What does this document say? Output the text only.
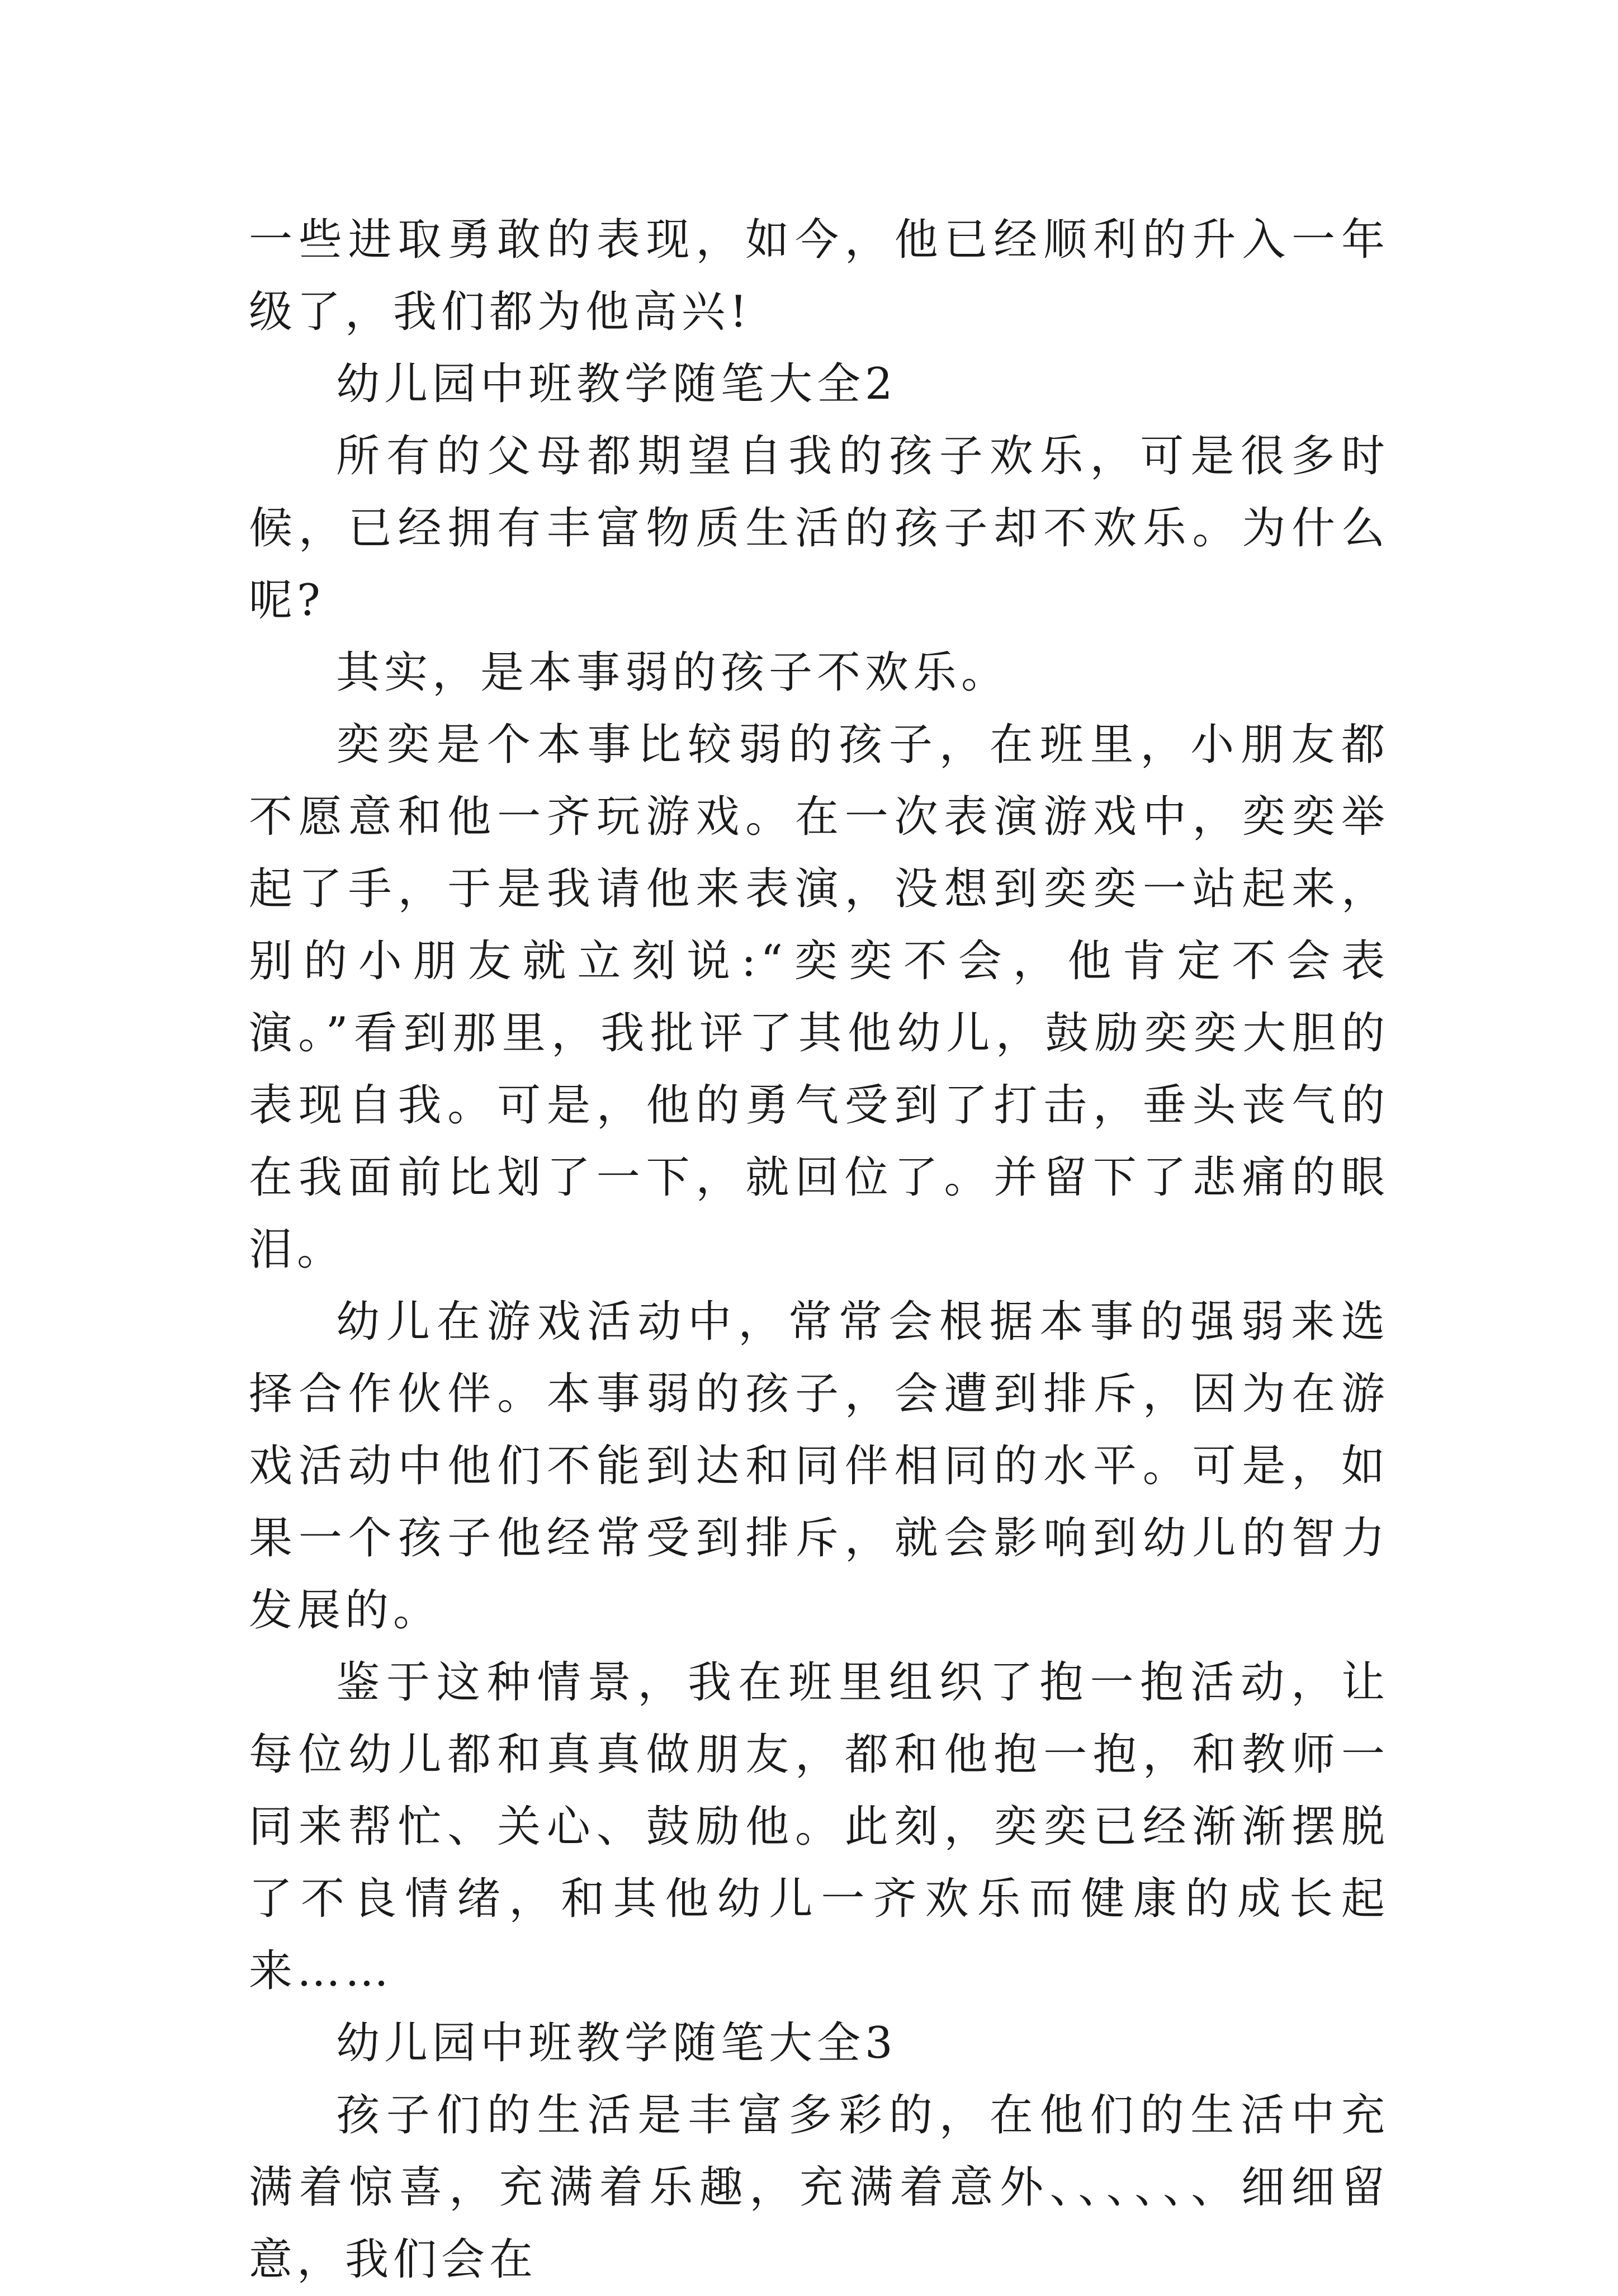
一些进取勇敢的表现，如今，他已经顺利的升入一年级了，我们都为他高兴!

幼儿园中班教学随笔大全2

所有的父母都期望自我的孩子欢乐，可是很多时候，已经拥有丰富物质生活的孩子却不欢乐。为什么呢?

其实，是本事弱的孩子不欢乐。

奕奕是个本事比较弱的孩子，在班里，小朋友都不愿意和他一齐玩游戏。在一次表演游戏中，奕奕举起了手，于是我请他来表演，没想到奕奕一站起来，别的小朋友就立刻说:“奕奕不会，他肯定不会表演。”看到那里，我批评了其他幼儿，鼓励奕奕大胆的表现自我。可是，他的勇气受到了打击，垂头丧气的在我面前比划了一下，就回位了。并留下了悲痛的眼泪。

幼儿在游戏活动中，常常会根据本事的强弱来选择合作伙伴。本事弱的孩子，会遭到排斥，因为在游戏活动中他们不能到达和同伴相同的水平。可是，如果一个孩子他经常受到排斥，就会影响到幼儿的智力发展的。

鉴于这种情景，我在班里组织了抱一抱活动，让每位幼儿都和真真做朋友，都和他抱一抱，和教师一同来帮忙、关心、鼓励他。此刻，奕奕已经渐渐摆脱了不良情绪，和其他幼儿一齐欢乐而健康的成长起来……

幼儿园中班教学随笔大全3

孩子们的生活是丰富多彩的，在他们的生活中充满着惊喜，充满着乐趣，充满着意外、、、、、、细细留意，我们会在
